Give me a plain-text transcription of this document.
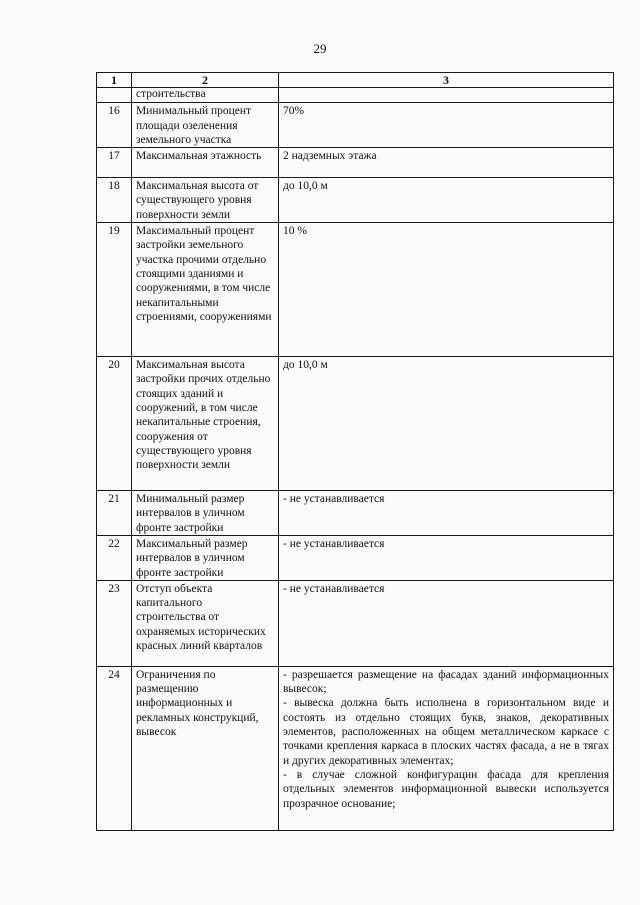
29
1	2	3
	строительства	
16	Минимальный процент площади озеленения земельного участка	70%
17	Максимальная этажность	2 надземных этажа
18	Максимальная высота от существующего уровня поверхности земли	до 10,0 м
19	Максимальный процент застройки земельного участка прочими отдельно стоящими зданиями и сооружениями, в том числе некапитальными строениями, сооружениями	10 %
20	Максимальная высота застройки прочих отдельно стоящих зданий и сооружений, в том числе некапитальные строения, сооружения от существующего уровня поверхности земли	до 10,0 м
21	Минимальный размер интервалов в уличном фронте застройки	- не устанавливается
22	Максимальный размер интервалов в уличном фронте застройки	- не устанавливается
23	Отступ объекта капитального строительства от охраняемых исторических красных линий кварталов	- не устанавливается
24	Ограничения по размещению информационных и рекламных конструкций, вывесок	- разрешается размещение на фасадах зданий информационных вывесок;
- вывеска должна быть исполнена в горизонтальном виде и состоять из отдельно стоящих букв, знаков, декоративных элементов, расположенных на общем металлическом каркасе с точками крепления каркаса в плоских частях фасада, а не в тягах и других декоративных элементах;
- в случае сложной конфигурации фасада для крепления отдельных элементов информационной вывески используется прозрачное основание;
